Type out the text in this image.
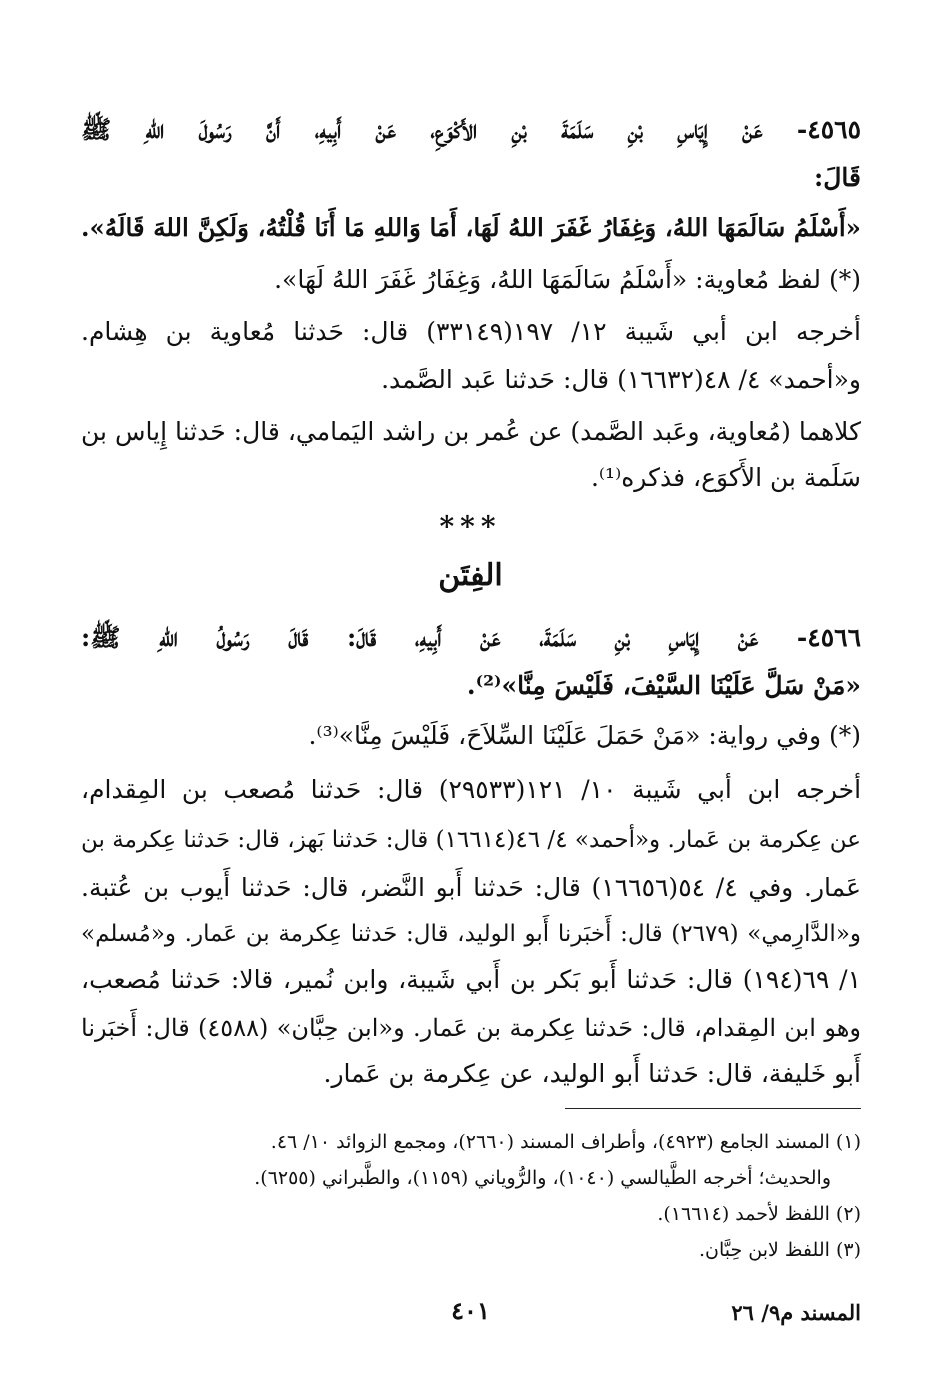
٤٥٦٥- عَنْ إِيَاسِ بْنِ سَلَمَةَ بْنِ الأَكْوَعِ، عَنْ أَبِيهِ، أَنَّ رَسُولَ اللهِ ﷺ
قَالَ:
«أَسْلَمُ سَالَمَهَا اللهُ، وَغِفَارُ غَفَرَ اللهُ لَهَا، أَمَا وَاللهِ مَا أَنَا قُلْتُهُ، وَلَكِنَّ اللهَ قَالَهُ».
(*) لفظ مُعاوية: «أَسْلَمُ سَالَمَهَا اللهُ، وَغِفَارُ غَفَرَ اللهُ لَهَا».
أخرجه ابن أبي شَيبة ١٢/ ١٩٧(٣٣١٤٩) قال: حَدثنا مُعاوية بن هِشام.
و«أحمد» ٤/ ٤٨(١٦٦٣٢) قال: حَدثنا عَبد الصَّمد.
كلاهما (مُعاوية، وعَبد الصَّمد) عن عُمر بن راشد اليَمامي، قال: حَدثنا إِياس بن
سَلَمة بن الأَكوَع، فذكره⁽¹⁾.
***
الفِتَن
٤٥٦٦- عَنْ إِيَاسِ بْنِ سَلَمَةَ، عَنْ أَبِيهِ، قَالَ: قَالَ رَسُولُ اللهِ ﷺ:
«مَنْ سَلَّ عَلَيْنَا السَّيْفَ، فَلَيْسَ مِنَّا»⁽²⁾.
(*) وفي رواية: «مَنْ حَمَلَ عَلَيْنَا السِّلاَحَ، فَلَيْسَ مِنَّا»⁽³⁾.
أخرجه ابن أبي شَيبة ١٠/ ١٢١(٢٩٥٣٣) قال: حَدثنا مُصعب بن المِقدام،
عن عِكرمة بن عَمار. و«أحمد» ٤/ ٤٦(١٦٦١٤) قال: حَدثنا بَهز، قال: حَدثنا عِكرمة بن
عَمار. وفي ٤/ ٥٤(١٦٦٥٦) قال: حَدثنا أَبو النَّضر، قال: حَدثنا أَيوب بن عُتبة.
و«الدَّارِمي» (٢٦٧٩) قال: أَخبَرنا أَبو الوليد، قال: حَدثنا عِكرمة بن عَمار. و«مُسلم»
١/ ٦٩(١٩٤) قال: حَدثنا أَبو بَكر بن أَبي شَيبة، وابن نُمير، قالا: حَدثنا مُصعب،
وهو ابن المِقدام، قال: حَدثنا عِكرمة بن عَمار. و«ابن حِبَّان» (٤٥٨٨) قال: أَخبَرنا
أَبو خَليفة، قال: حَدثنا أَبو الوليد، عن عِكرمة بن عَمار.
(١) المسند الجامع (٤٩٢٣)، وأطراف المسند (٢٦٦٠)، ومجمع الزوائد ١٠/ ٤٦.
والحديث؛ أخرجه الطَّيالسي (١٠٤٠)، والرُّوياني (١١٥٩)، والطَّبراني (٦٢٥٥).
(٢) اللفظ لأحمد (١٦٦١٤).
(٣) اللفظ لابن حِبَّان.
المسند م٩/ ٢٦
٤٠١
